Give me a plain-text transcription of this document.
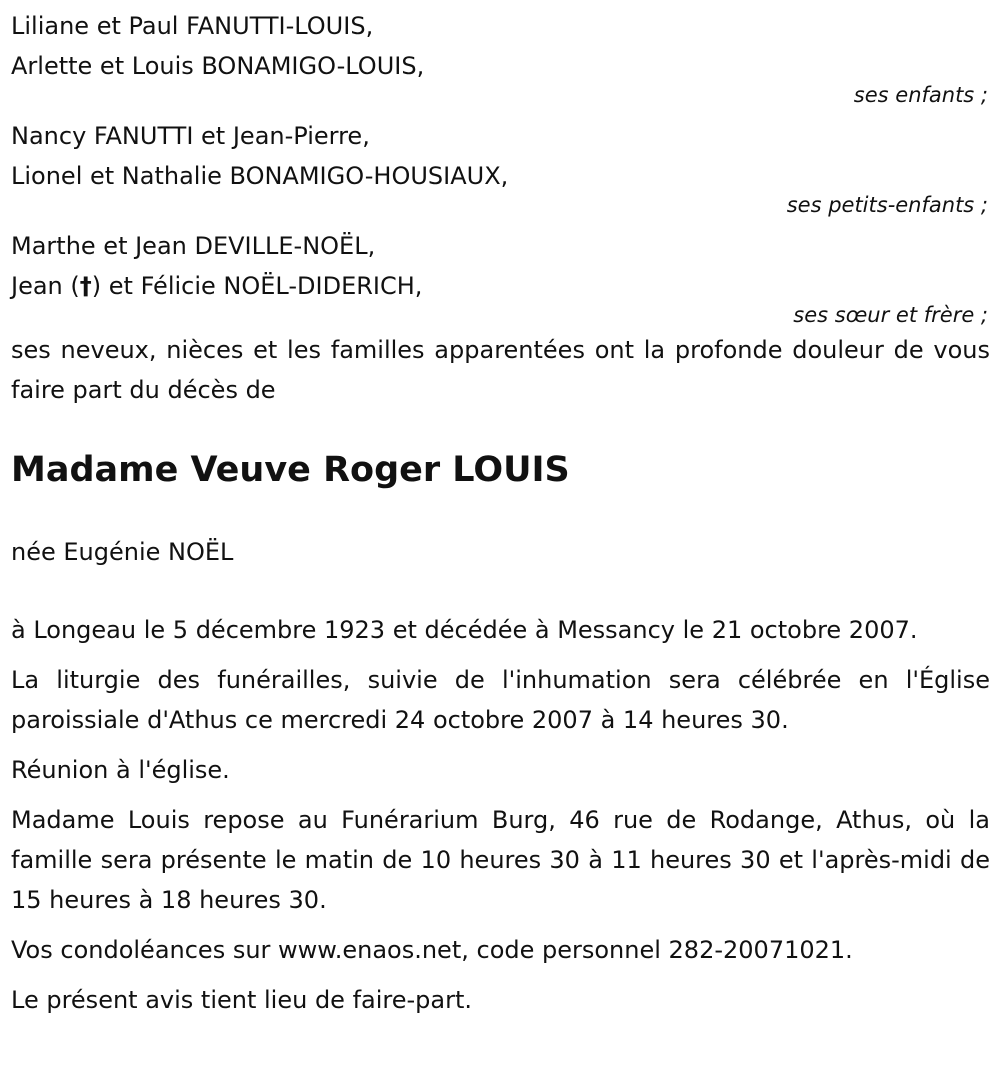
Liliane et Paul FANUTTI-LOUIS,
Arlette et Louis BONAMIGO-LOUIS,
ses enfants ;
Nancy FANUTTI et Jean-Pierre,
Lionel et Nathalie BONAMIGO-HOUSIAUX,
ses petits-enfants ;
Marthe et Jean DEVILLE-NOËL,
Jean (†) et Félicie NOËL-DIDERICH,
ses sœur et frère ;
ses neveux, nièces et les familles apparentées ont la profonde douleur de vous faire part du décès de
Madame Veuve Roger LOUIS
née Eugénie NOËL
à Longeau le 5 décembre 1923 et décédée à Messancy le 21 octobre 2007.
La liturgie des funérailles, suivie de l'inhumation sera célébrée en l'Église paroissiale d'Athus ce mercredi 24 octobre 2007 à 14 heures 30.
Réunion à l'église.
Madame Louis repose au Funérarium Burg, 46 rue de Rodange, Athus, où la famille sera présente le matin de 10 heures 30 à 11 heures 30 et l'après-midi de 15 heures à 18 heures 30.
Vos condoléances sur www.enaos.net, code personnel 282-20071021.
Le présent avis tient lieu de faire-part.
